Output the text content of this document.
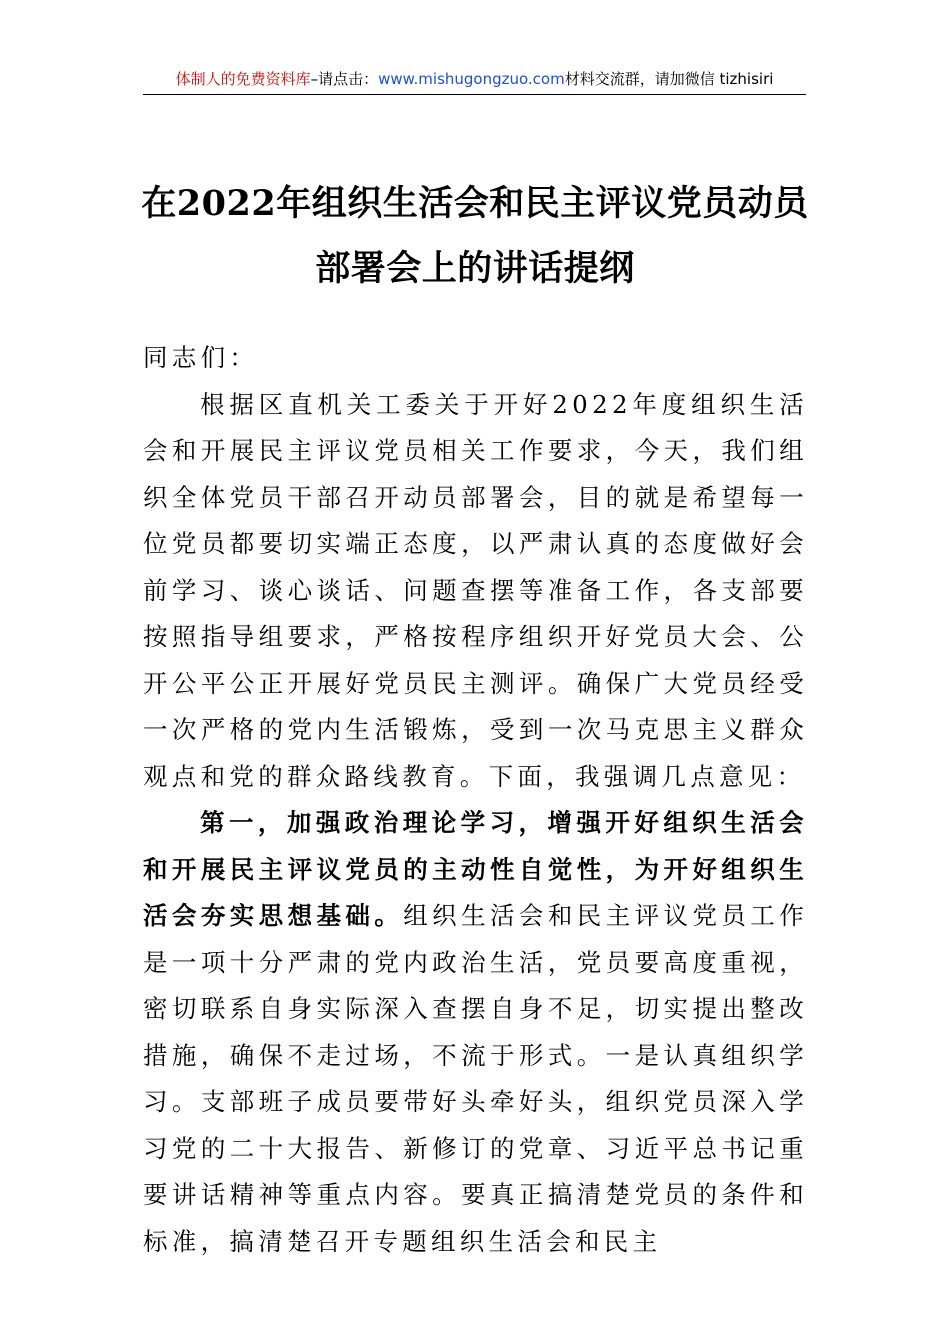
体制人的免费资料库–请点击：www.mishugongzuo.com材料交流群，请加微信 tizhisiri
在2022年组织生活会和民主评议党员动员
部署会上的讲话提纲

同志们：

根据区直机关工委关于开好2022年度组织生活会和开展民主评议党员相关工作要求，今天，我们组织全体党员干部召开动员部署会，目的就是希望每一位党员都要切实端正态度，以严肃认真的态度做好会前学习、谈心谈话、问题查摆等准备工作，各支部要按照指导组要求，严格按程序组织开好党员大会、公开公平公正开展好党员民主测评。确保广大党员经受一次严格的党内生活锻炼，受到一次马克思主义群众观点和党的群众路线教育。下面，我强调几点意见：

第一，加强政治理论学习，增强开好组织生活会和开展民主评议党员的主动性自觉性，为开好组织生活会夯实思想基础。组织生活会和民主评议党员工作是一项十分严肃的党内政治生活，党员要高度重视，密切联系自身实际深入查摆自身不足，切实提出整改措施，确保不走过场，不流于形式。一是认真组织学习。支部班子成员要带好头牵好头，组织党员深入学习党的二十大报告、新修订的党章、习近平总书记重要讲话精神等重点内容。要真正搞清楚党员的条件和标准，搞清楚召开专题组织生活会和民主
